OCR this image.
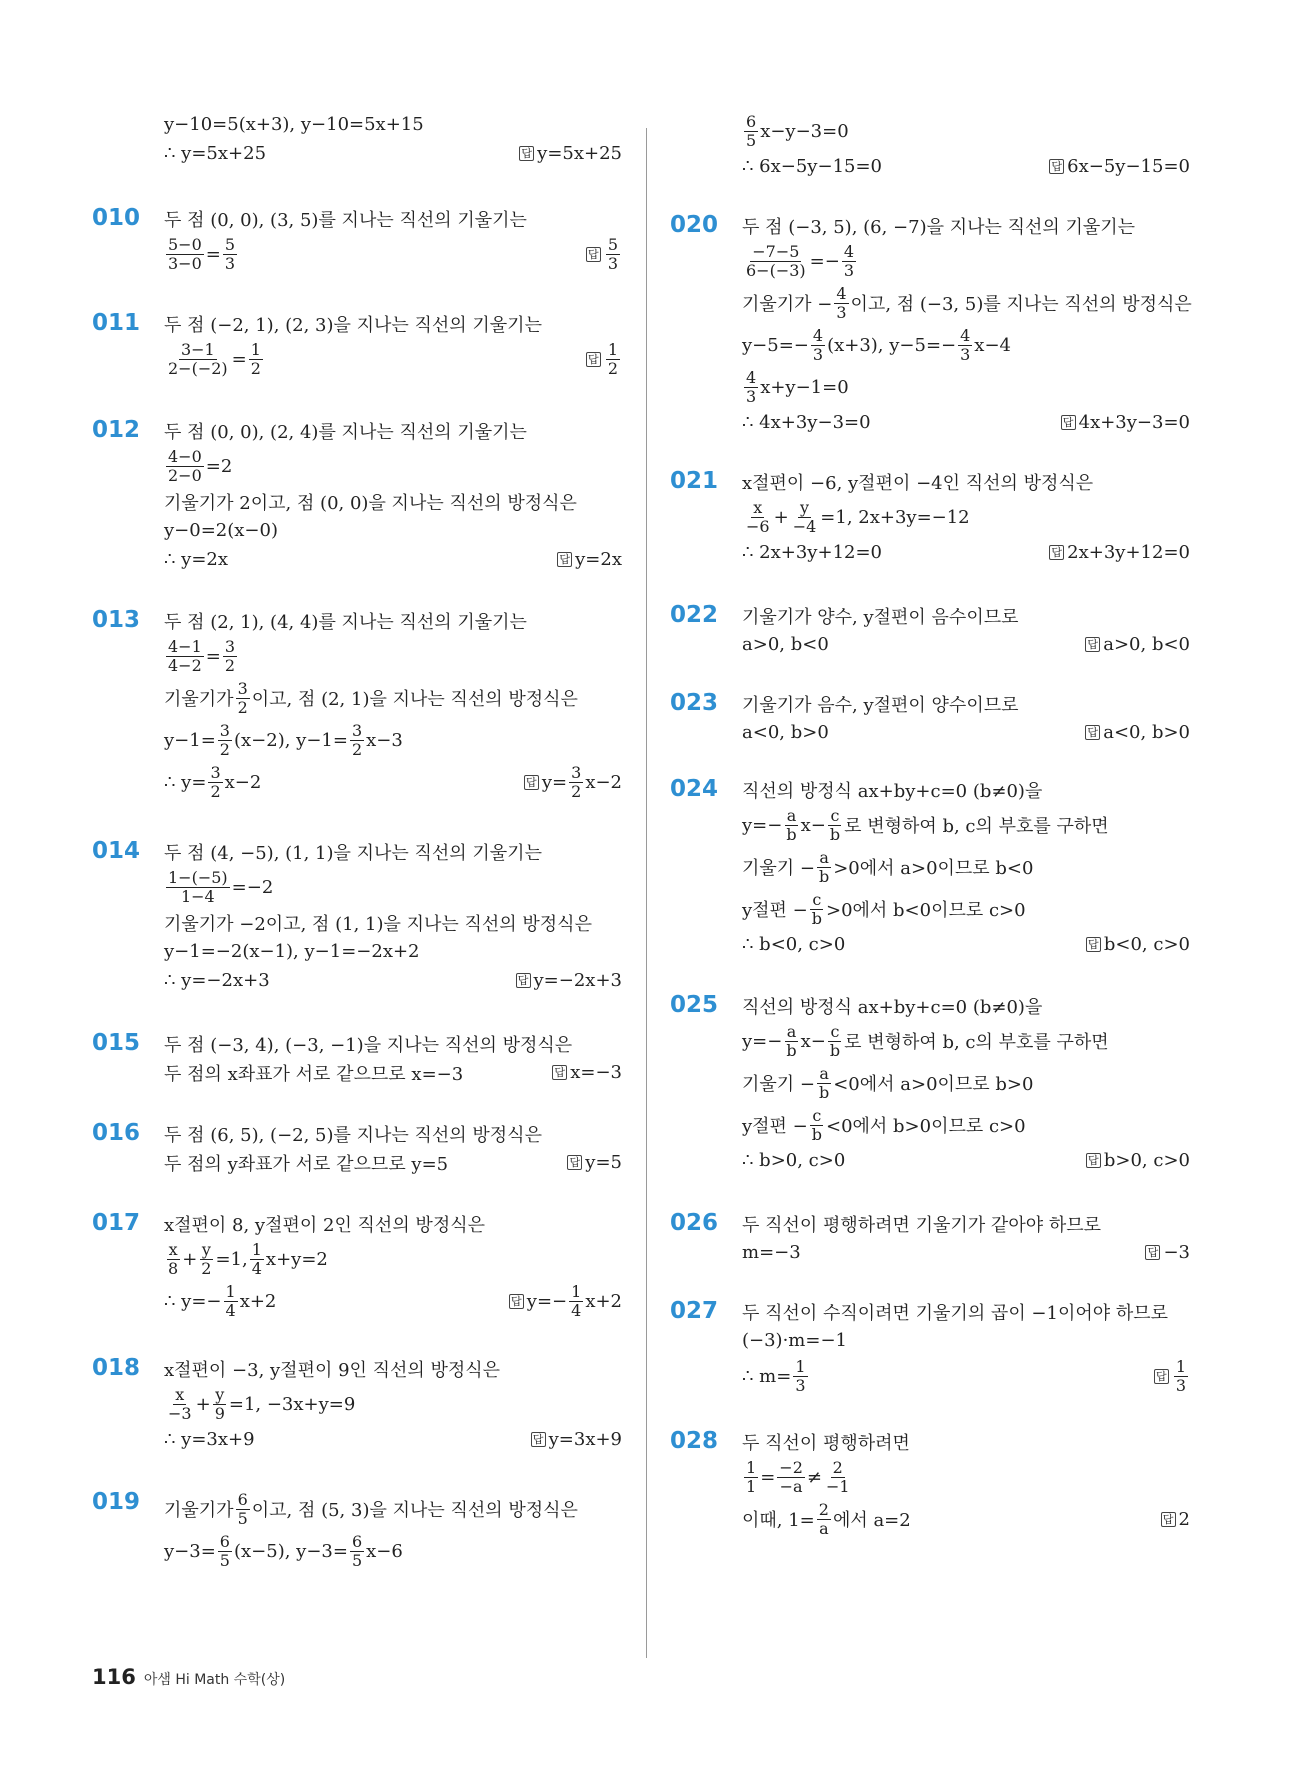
y−10=5(x+3), y−10=5x+15
∴ y=5x+25	답 y=5x+25
010 두 점 (0, 0), (3, 5)를 지나는 직선의 기울기는
$\frac{5-0}{3-0} = \frac{5}{3}$	답 $\frac{5}{3}$
011 두 점 (−2, 1), (2, 3)을 지나는 직선의 기울기는
$\frac{3-1}{2-(-2)} = \frac{1}{2}$	답 $\frac{1}{2}$
012 두 점 (0, 0), (2, 4)를 지나는 직선의 기울기는
$\frac{4-0}{2-0} =2$
기울기가 2이고, 점 (0, 0)을 지나는 직선의 방정식은
y−0=2(x−0)
∴ y=2x	답 y=2x
013 두 점 (2, 1), (4, 4)를 지나는 직선의 기울기는
$\frac{4-1}{4-2} = \frac{3}{2}$
기울기가 $\frac{3}{2}$ 이고, 점 (2, 1)을 지나는 직선의 방정식은
$y-1= \frac{3}{2} (x-2)$, $y-1= \frac{3}{2} x-3$
∴ $y= \frac{3}{2} x-2$	답 $y= \frac{3}{2} x-2$
014 두 점 (4, −5), (1, 1)을 지나는 직선의 기울기는
$\frac{1-(-5)}{1-4} =-2$
기울기가 −2이고, 점 (1, 1)을 지나는 직선의 방정식은
y−1=−2(x−1), y−1=−2x+2
∴ y=−2x+3	답 y=−2x+3
015 두 점 (−3, 4), (−3, −1)을 지나는 직선의 방정식은
두 점의 x좌표가 서로 같으므로 x=−3	답 x=−3
016 두 점 (6, 5), (−2, 5)를 지나는 직선의 방정식은
두 점의 y좌표가 서로 같으므로 y=5	답 y=5
017 x절편이 8, y절편이 2인 직선의 방정식은
$\frac{x}{8} + \frac{y}{2} =1$, $\frac{1}{4} x+y=2$
∴ $y=- \frac{1}{4} x+2$	답 $y=- \frac{1}{4} x+2$
018 x절편이 −3, y절편이 9인 직선의 방정식은
$\frac{x}{-3} + \frac{y}{9} =1$, −3x+y=9
∴ y=3x+9	답 y=3x+9
019 기울기가 $\frac{6}{5}$ 이고, 점 (5, 3)을 지나는 직선의 방정식은
$y-3= \frac{6}{5} (x-5)$, $y-3= \frac{6}{5} x-6$
$\frac{6}{5} x-y-3=0$
∴ 6x−5y−15=0	답 6x−5y−15=0
020 두 점 (−3, 5), (6, −7)을 지나는 직선의 기울기는
$\frac{-7-5}{6-(-3)} =- \frac{4}{3}$
기울기가 − $\frac{4}{3}$ 이고, 점 (−3, 5)를 지나는 직선의 방정식은
$y-5=- \frac{4}{3} (x+3)$, $y-5=- \frac{4}{3} x-4$
$\frac{4}{3} x+y-1=0$
∴ 4x+3y−3=0	답 4x+3y−3=0
021 x절편이 −6, y절편이 −4인 직선의 방정식은
$\frac{x}{-6} + \frac{y}{-4} =1$, 2x+3y=−12
∴ 2x+3y+12=0	답 2x+3y+12=0
022 기울기가 양수, y절편이 음수이므로
a>0, b<0	답 a>0, b<0
023 기울기가 음수, y절편이 양수이므로
a<0, b>0	답 a<0, b>0
024 직선의 방정식 ax+by+c=0 (b≠0)을
$y=- \frac{a}{b} x- \frac{c}{b}$ 로 변형하여 b, c의 부호를 구하면
기울기 − $\frac{a}{b} >0$에서 a>0이므로 b<0
y절편 − $\frac{c}{b} >0$에서 b<0이므로 c>0
∴ b<0, c>0	답 b<0, c>0
025 직선의 방정식 ax+by+c=0 (b≠0)을
$y=- \frac{a}{b} x- \frac{c}{b}$ 로 변형하여 b, c의 부호를 구하면
기울기 − $\frac{a}{b} <0$에서 a>0이므로 b>0
y절편 − $\frac{c}{b} <0$에서 b>0이므로 c>0
∴ b>0, c>0	답 b>0, c>0
026 두 직선이 평행하려면 기울기가 같아야 하므로
m=−3	답 −3
027 두 직선이 수직이려면 기울기의 곱이 −1이어야 하므로
(−3)·m=−1
∴ $m= \frac{1}{3}$	답 $\frac{1}{3}$
028 두 직선이 평행하려면
$\frac{1}{1} = \frac{-2}{-a} \ne \frac{2}{-1}$
이때, $1= \frac{2}{a}$ 에서 a=2	답 2
116 아샘 Hi Math 수학(상)
